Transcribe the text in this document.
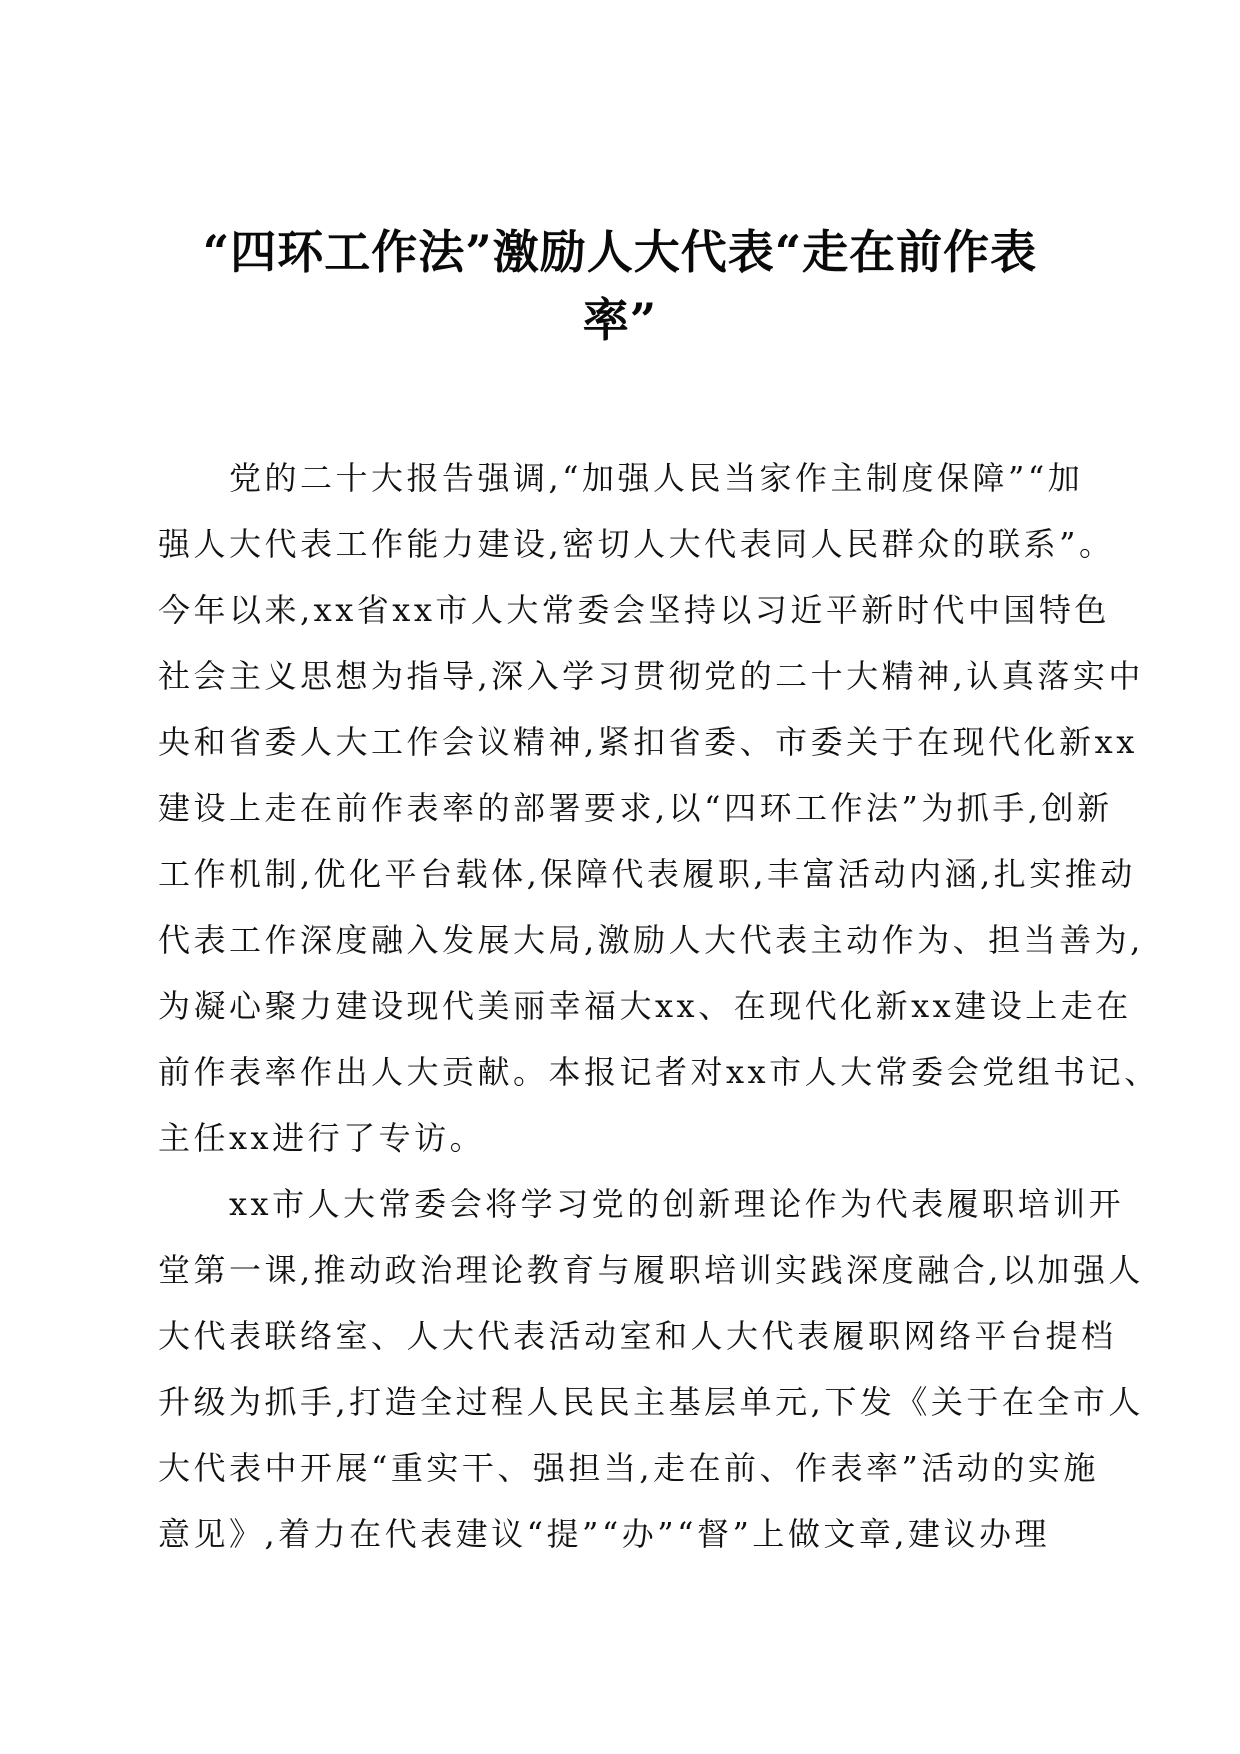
“四环工作法”激励人大代表“走在前作表
率”
　　党的二十大报告强调,“加强人民当家作主制度保障”“加
强人大代表工作能力建设,密切人大代表同人民群众的联系”。
今年以来,xx省xx市人大常委会坚持以习近平新时代中国特色
社会主义思想为指导,深入学习贯彻党的二十大精神,认真落实中
央和省委人大工作会议精神,紧扣省委、市委关于在现代化新xx
建设上走在前作表率的部署要求,以“四环工作法”为抓手,创新
工作机制,优化平台载体,保障代表履职,丰富活动内涵,扎实推动
代表工作深度融入发展大局,激励人大代表主动作为、担当善为,
为凝心聚力建设现代美丽幸福大xx、在现代化新xx建设上走在
前作表率作出人大贡献。本报记者对xx市人大常委会党组书记、
主任xx进行了专访。
　　xx市人大常委会将学习党的创新理论作为代表履职培训开
堂第一课,推动政治理论教育与履职培训实践深度融合,以加强人
大代表联络室、人大代表活动室和人大代表履职网络平台提档
升级为抓手,打造全过程人民民主基层单元,下发《关于在全市人
大代表中开展“重实干、强担当,走在前、作表率”活动的实施
意见》,着力在代表建议“提”“办”“督”上做文章,建议办理
